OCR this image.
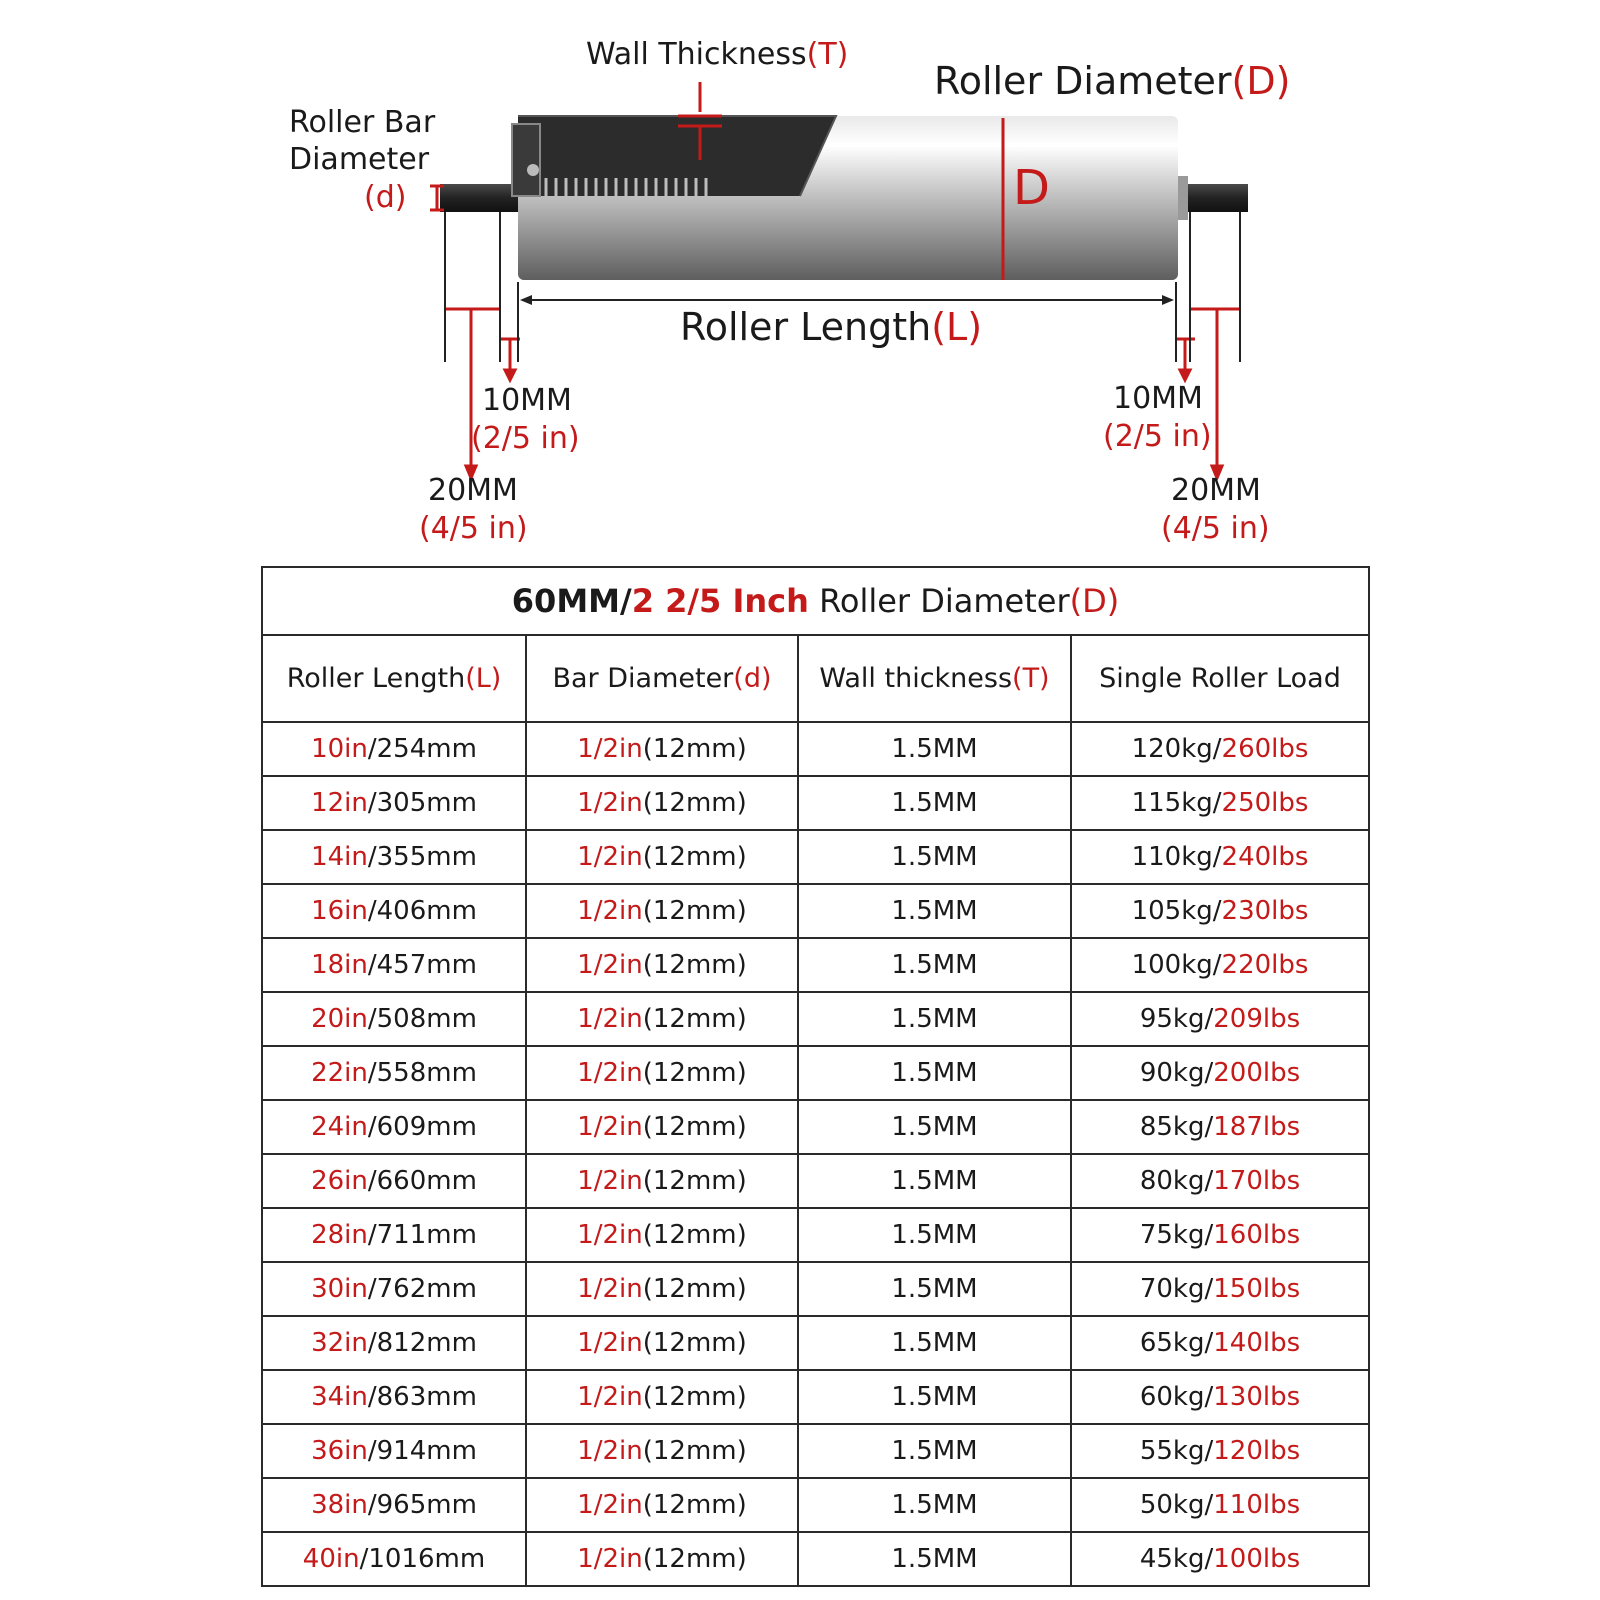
Wall Thickness(T)
Roller Diameter(D)
D
Roller Bar
Diameter
(d)
Roller Length(L)
10MM
(2/5 in)
10MM
(2/5 in)
20MM
(4/5 in)
20MM
(4/5 in)
60MM/2 2/5 Inch Roller Diameter(D)			
Roller Length(L)	Bar Diameter(d)	Wall thickness(T)	Single Roller Load
10in/254mm	1/2in(12mm)	1.5MM	120kg/260lbs
12in/305mm	1/2in(12mm)	1.5MM	115kg/250lbs
14in/355mm	1/2in(12mm)	1.5MM	110kg/240lbs
16in/406mm	1/2in(12mm)	1.5MM	105kg/230lbs
18in/457mm	1/2in(12mm)	1.5MM	100kg/220lbs
20in/508mm	1/2in(12mm)	1.5MM	95kg/209lbs
22in/558mm	1/2in(12mm)	1.5MM	90kg/200lbs
24in/609mm	1/2in(12mm)	1.5MM	85kg/187lbs
26in/660mm	1/2in(12mm)	1.5MM	80kg/170lbs
28in/711mm	1/2in(12mm)	1.5MM	75kg/160lbs
30in/762mm	1/2in(12mm)	1.5MM	70kg/150lbs
32in/812mm	1/2in(12mm)	1.5MM	65kg/140lbs
34in/863mm	1/2in(12mm)	1.5MM	60kg/130lbs
36in/914mm	1/2in(12mm)	1.5MM	55kg/120lbs
38in/965mm	1/2in(12mm)	1.5MM	50kg/110lbs
40in/1016mm	1/2in(12mm)	1.5MM	45kg/100lbs
